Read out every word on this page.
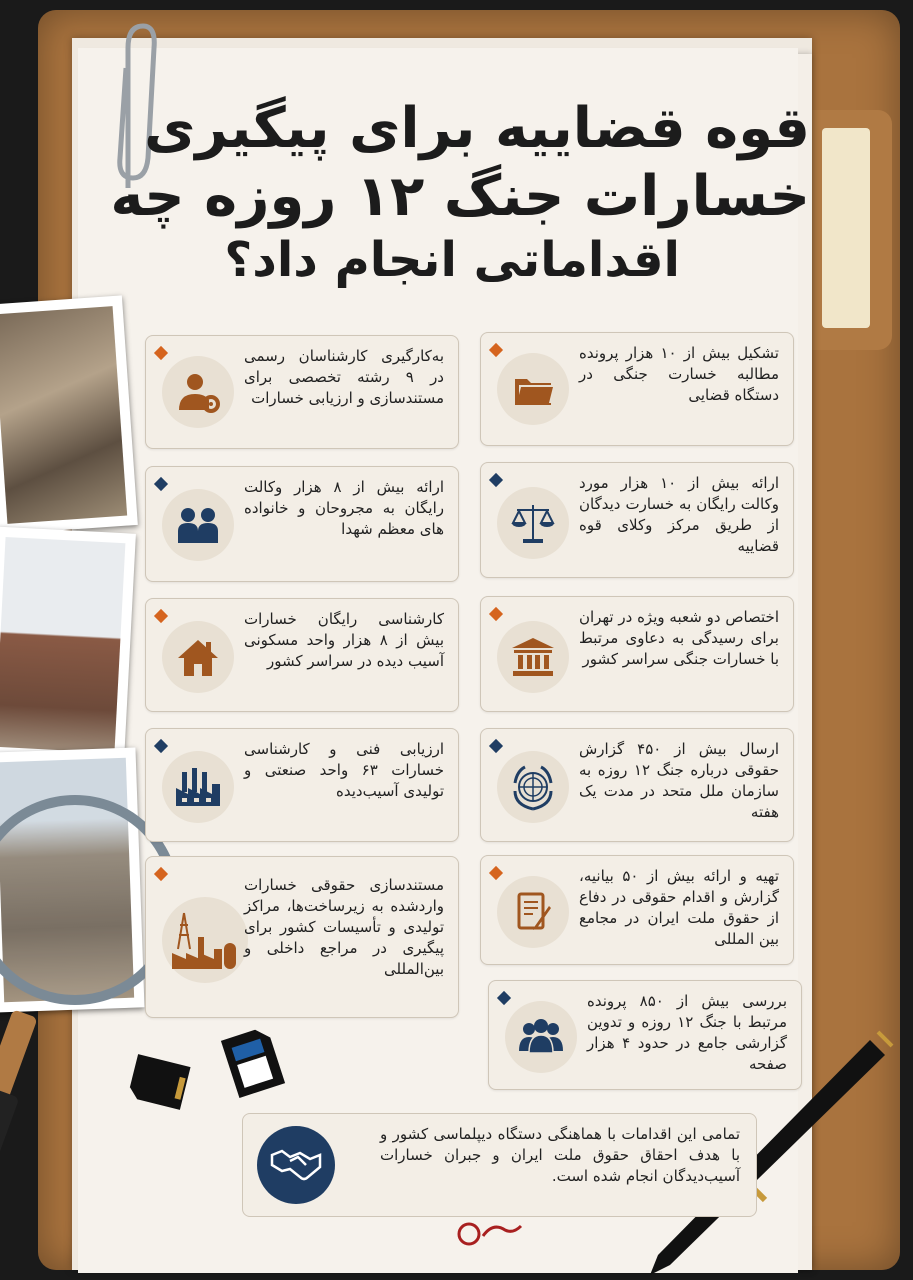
قوه قضاییه برای پیگیری
خسارات جنگ ۱۲ روزه چه
اقداماتی انجام داد؟
تشکیل بیش از ۱۰ هزار پرونده مطالبه خسارت جنگی در دستگاه قضایی
ارائه بیش از ۱۰ هزار مورد وکالت رایگان به خسارت دیدگان از طریق مرکز وکلای قوه قضاییه
اختصاص دو شعبه ویژه در تهران برای رسیدگی به دعاوی مرتبط با خسارات جنگی سراسر کشور
ارسال بیش از ۴۵۰ گزارش حقوقی درباره جنگ ۱۲ روزه به سازمان ملل متحد در مدت یک هفته
تهیه و ارائه بیش از ۵۰ بیانیه، گزارش و اقدام حقوقی در دفاع از حقوق ملت ایران در مجامع بین المللی
بررسی بیش از ۸۵۰ پرونده مرتبط با جنگ ۱۲ روزه و تدوین گزارشی جامع در حدود ۴ هزار صفحه
به‌کارگیری کارشناسان رسمی در ۹ رشته تخصصی برای مستندسازی و ارزیابی خسارات
ارائه بیش از ۸ هزار وکالت رایگان به مجروحان و خانواده های معظم شهدا
کارشناسی رایگان خسارات بیش از ۸ هزار واحد مسکونی آسیب دیده در سراسر کشور
ارزیابی فنی و کارشناسی خسارات ۶۳ واحد صنعتی و تولیدی آسیب‌دیده
مستندسازی حقوقی خسارات واردشده به زیرساخت‌ها، مراکز تولیدی و تأسیسات کشور برای پیگیری در مراجع داخلی و بین‌المللی
تمامی این اقدامات با هماهنگی دستگاه دیپلماسی کشور و با هدف احقاق حقوق ملت ایران و جبران خسارات آسیب‌دیدگان انجام شده است.
